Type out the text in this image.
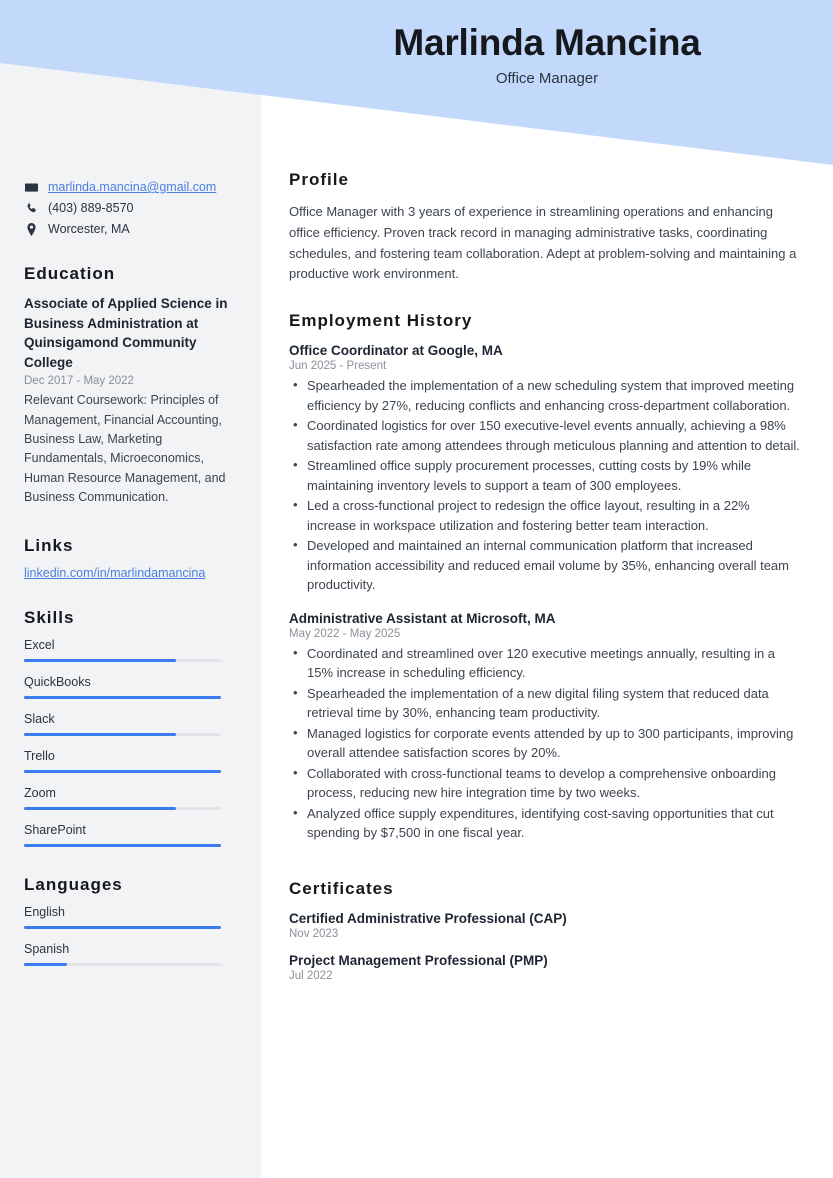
Marlinda Mancina
Office Manager
marlinda.mancina@gmail.com
(403) 889-8570
Worcester, MA
Education
Associate of Applied Science in Business Administration at Quinsigamond Community College
Dec 2017 - May 2022
Relevant Coursework: Principles of Management, Financial Accounting, Business Law, Marketing Fundamentals, Microeconomics, Human Resource Management, and Business Communication.
Links
linkedin.com/in/marlindamancina
Skills
Excel
QuickBooks
Slack
Trello
Zoom
SharePoint
Languages
English
Spanish
Profile
Office Manager with 3 years of experience in streamlining operations and enhancing office efficiency. Proven track record in managing administrative tasks, coordinating schedules, and fostering team collaboration. Adept at problem-solving and maintaining a productive work environment.
Employment History
Office Coordinator at Google, MA
Jun 2025 - Present
• Spearheaded the implementation of a new scheduling system that improved meeting efficiency by 27%, reducing conflicts and enhancing cross-department collaboration.
• Coordinated logistics for over 150 executive-level events annually, achieving a 98% satisfaction rate among attendees through meticulous planning and attention to detail.
• Streamlined office supply procurement processes, cutting costs by 19% while maintaining inventory levels to support a team of 300 employees.
• Led a cross-functional project to redesign the office layout, resulting in a 22% increase in workspace utilization and fostering better team interaction.
• Developed and maintained an internal communication platform that increased information accessibility and reduced email volume by 35%, enhancing overall team productivity.
Administrative Assistant at Microsoft, MA
May 2022 - May 2025
• Coordinated and streamlined over 120 executive meetings annually, resulting in a 15% increase in scheduling efficiency.
• Spearheaded the implementation of a new digital filing system that reduced data retrieval time by 30%, enhancing team productivity.
• Managed logistics for corporate events attended by up to 300 participants, improving overall attendee satisfaction scores by 20%.
• Collaborated with cross-functional teams to develop a comprehensive onboarding process, reducing new hire integration time by two weeks.
• Analyzed office supply expenditures, identifying cost-saving opportunities that cut spending by $7,500 in one fiscal year.
Certificates
Certified Administrative Professional (CAP)
Nov 2023
Project Management Professional (PMP)
Jul 2022
